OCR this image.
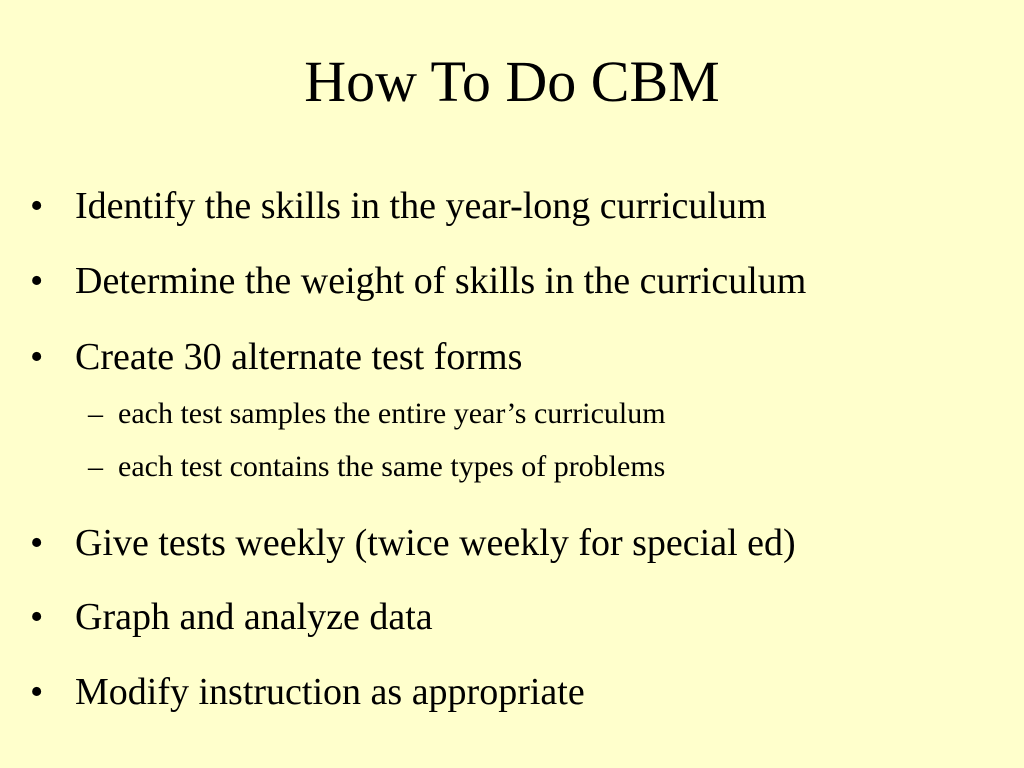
How To Do CBM
• Identify the skills in the year-long curriculum
• Determine the weight of skills in the curriculum
• Create 30 alternate test forms
– each test samples the entire year’s curriculum
– each test contains the same types of problems
• Give tests weekly (twice weekly for special ed)
• Graph and analyze data
• Modify instruction as appropriate
